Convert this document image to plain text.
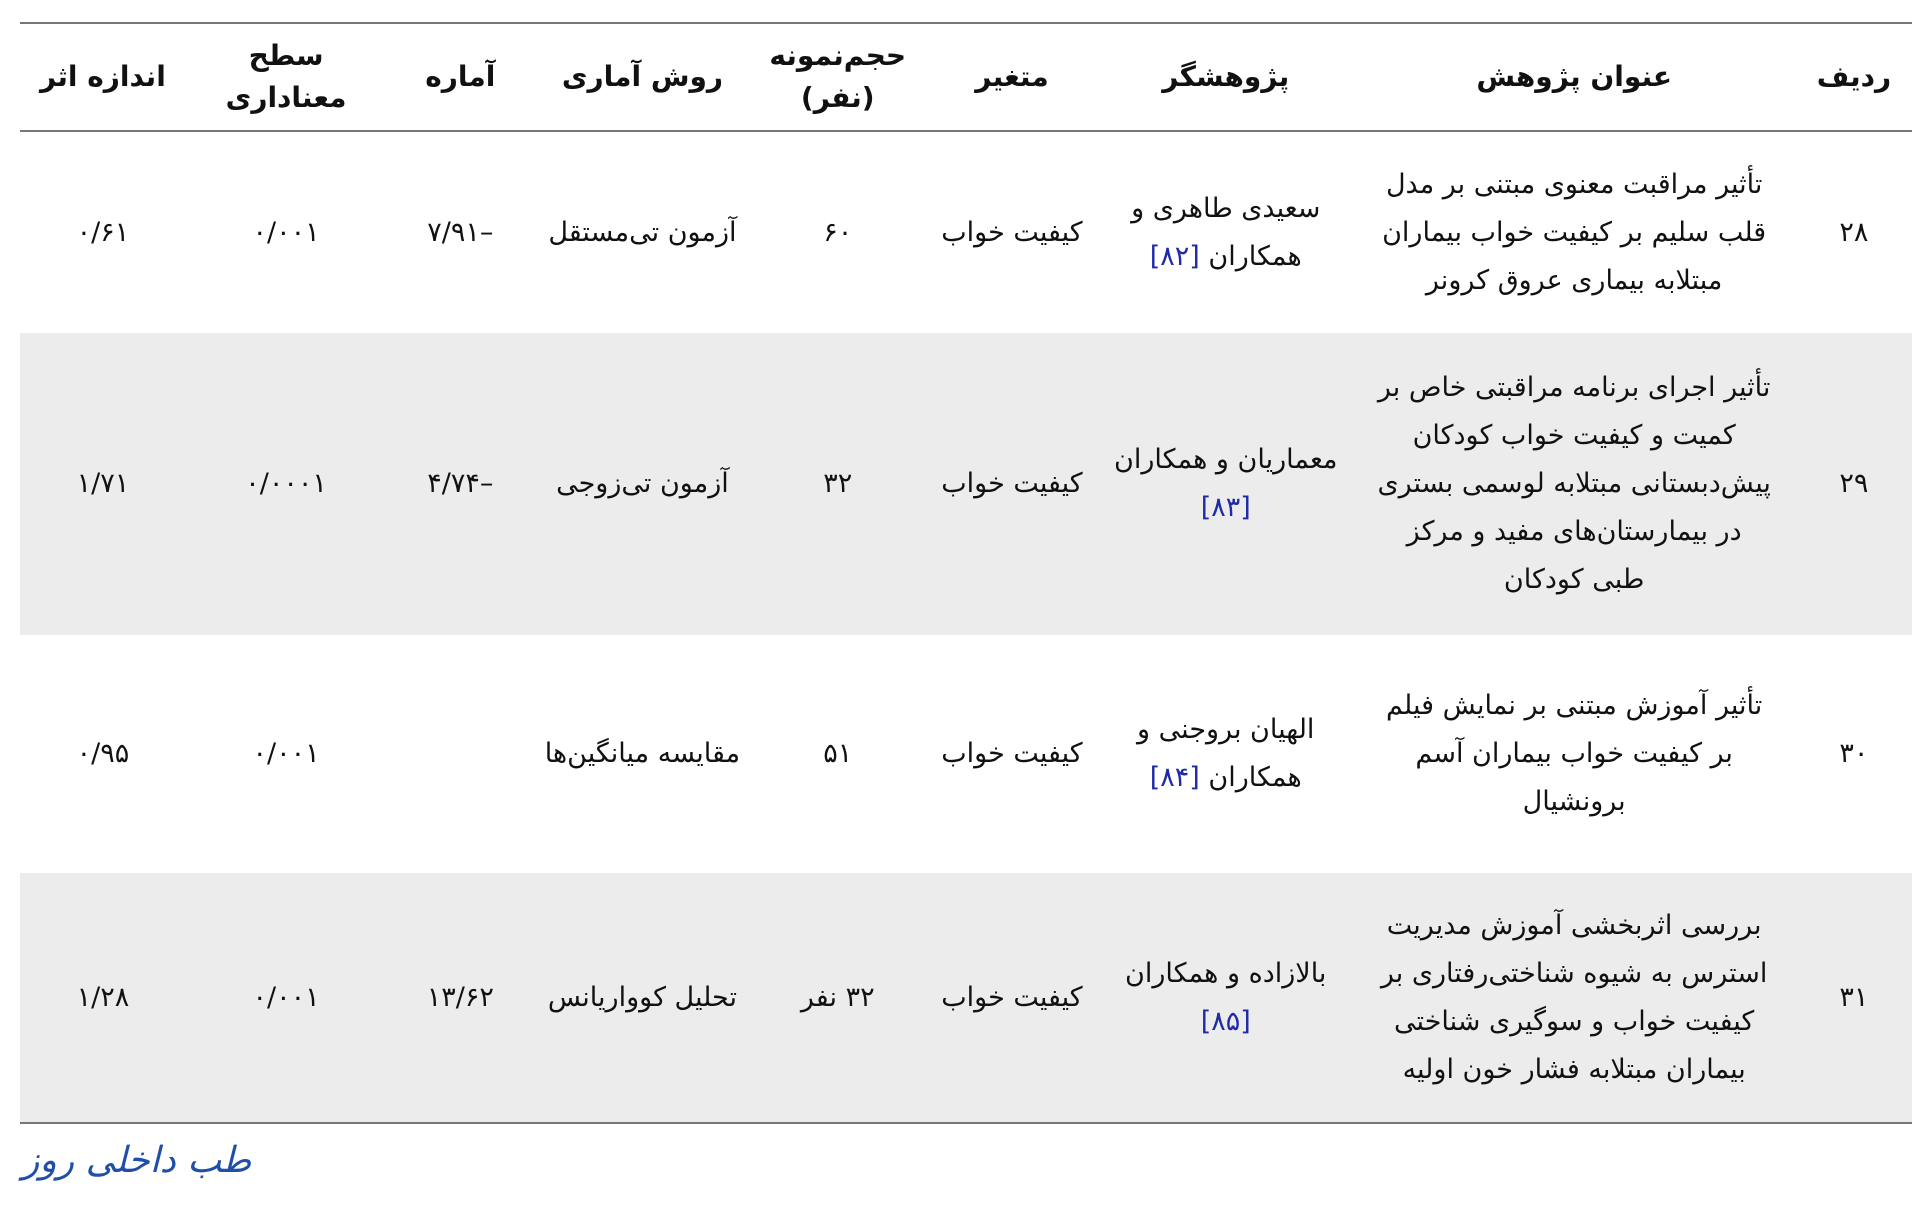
ردیف	عنوان پژوهش	پژوهشگر	متغیر	حجم‌نمونه (نفر)	روش آماری	آماره	سطح معناداری	اندازه اثر
۲۸	تأثیر مراقبت معنوی مبتنی بر مدل قلب سلیم بر کیفیت خواب بیماران مبتلابه بیماری عروق کرونر	سعیدی طاهری و همکاران [۸۲]	کیفیت خواب	۶۰	آزمون تی‌مستقل	–۷/۹۱	۰/۰۰۱	۰/۶۱
۲۹	تأثیر اجرای برنامه مراقبتی خاص بر کمیت و کیفیت خواب کودکان پیش‌دبستانی مبتلابه لوسمی بستری در بیمارستان‌های مفید و مرکز طبی کودکان	معماریان و همکاران [۸۳]	کیفیت خواب	۳۲	آزمون تی‌زوجی	–۴/۷۴	۰/۰۰۰۱	۱/۷۱
۳۰	تأثیر آموزش مبتنی بر نمایش فیلم بر کیفیت خواب بیماران آسم برونشیال	الهیان بروجنی و همکاران [۸۴]	کیفیت خواب	۵۱	مقایسه میانگین‌ها		۰/۰۰۱	۰/۹۵
۳۱	بررسی اثربخشی آموزش مدیریت استرس به شیوه شناختی‌رفتاری بر کیفیت خواب و سوگیری شناختی بیماران مبتلابه فشار خون اولیه	بالازاده و همکاران [۸۵]	کیفیت خواب	۳۲ نفر	تحلیل کوواریانس	۱۳/۶۲	۰/۰۰۱	۱/۲۸
طب داخلی روز
